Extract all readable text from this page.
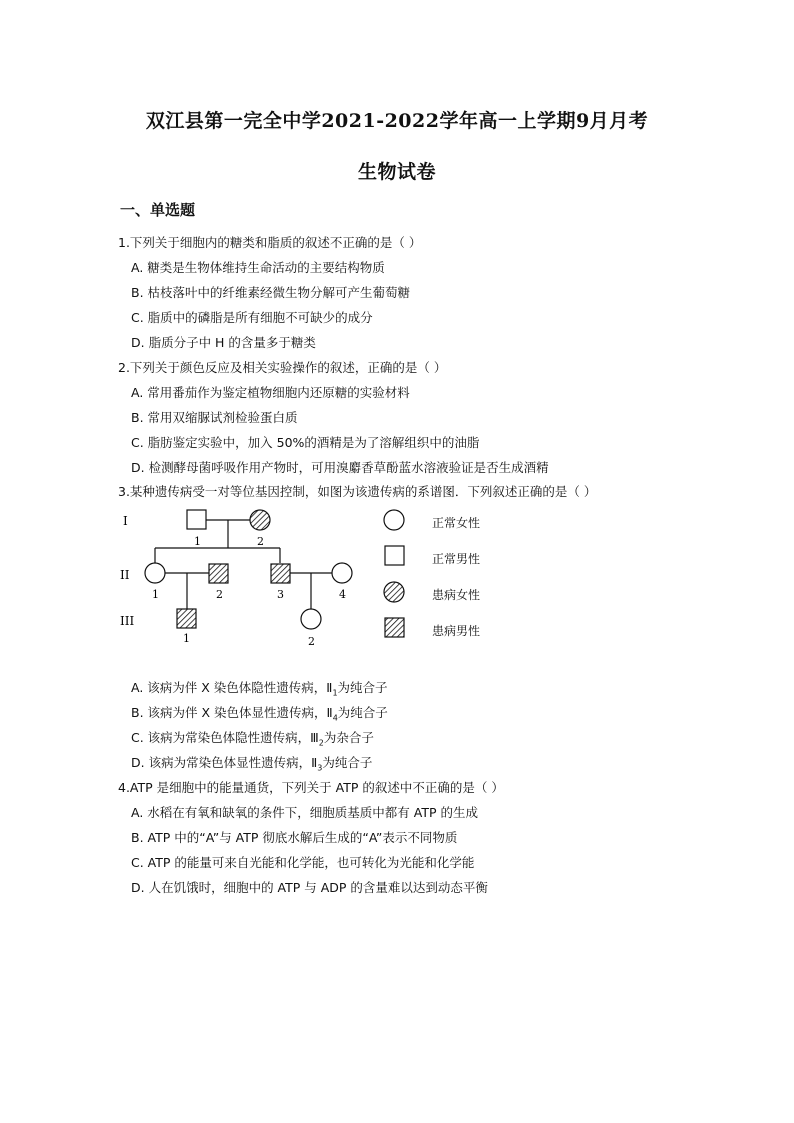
双江县第一完全中学2021-2022学年高一上学期9月月考
生物试卷
一、单选题
1.下列关于细胞内的糖类和脂质的叙述不正确的是（ ）
A. 糖类是生物体维持生命活动的主要结构物质
B. 枯枝落叶中的纤维素经微生物分解可产生葡萄糖
C. 脂质中的磷脂是所有细胞不可缺少的成分
D. 脂质分子中 H 的含量多于糖类
2.下列关于颜色反应及相关实验操作的叙述，正确的是（ ）
A. 常用番茄作为鉴定植物细胞内还原糖的实验材料
B. 常用双缩脲试剂检验蛋白质
C. 脂肪鉴定实验中，加入 50%的酒精是为了溶解组织中的油脂
D. 检测酵母菌呼吸作用产物时，可用溴麝香草酚蓝水溶液验证是否生成酒精
3.某种遗传病受一对等位基因控制，如图为该遗传病的系谱图．下列叙述正确的是（ ）
I
II
III
1	2
1	2	3	4
1	2
正常女性
正常男性
患病女性
患病男性
A. 该病为伴 X 染色体隐性遗传病，$Ⅱ_1$为纯合子
B. 该病为伴 X 染色体显性遗传病，$Ⅱ_4$为纯合子
C. 该病为常染色体隐性遗传病，$Ⅲ_2$为杂合子
D. 该病为常染色体显性遗传病，$Ⅱ_3$为纯合子
4.ATP 是细胞中的能量通货，下列关于 ATP 的叙述中不正确的是（ ）
A. 水稻在有氧和缺氧的条件下，细胞质基质中都有 ATP 的生成
B. ATP 中的“A”与 ATP 彻底水解后生成的“A”表示不同物质
C. ATP 的能量可来自光能和化学能，也可转化为光能和化学能
D. 人在饥饿时，细胞中的 ATP 与 ADP 的含量难以达到动态平衡
